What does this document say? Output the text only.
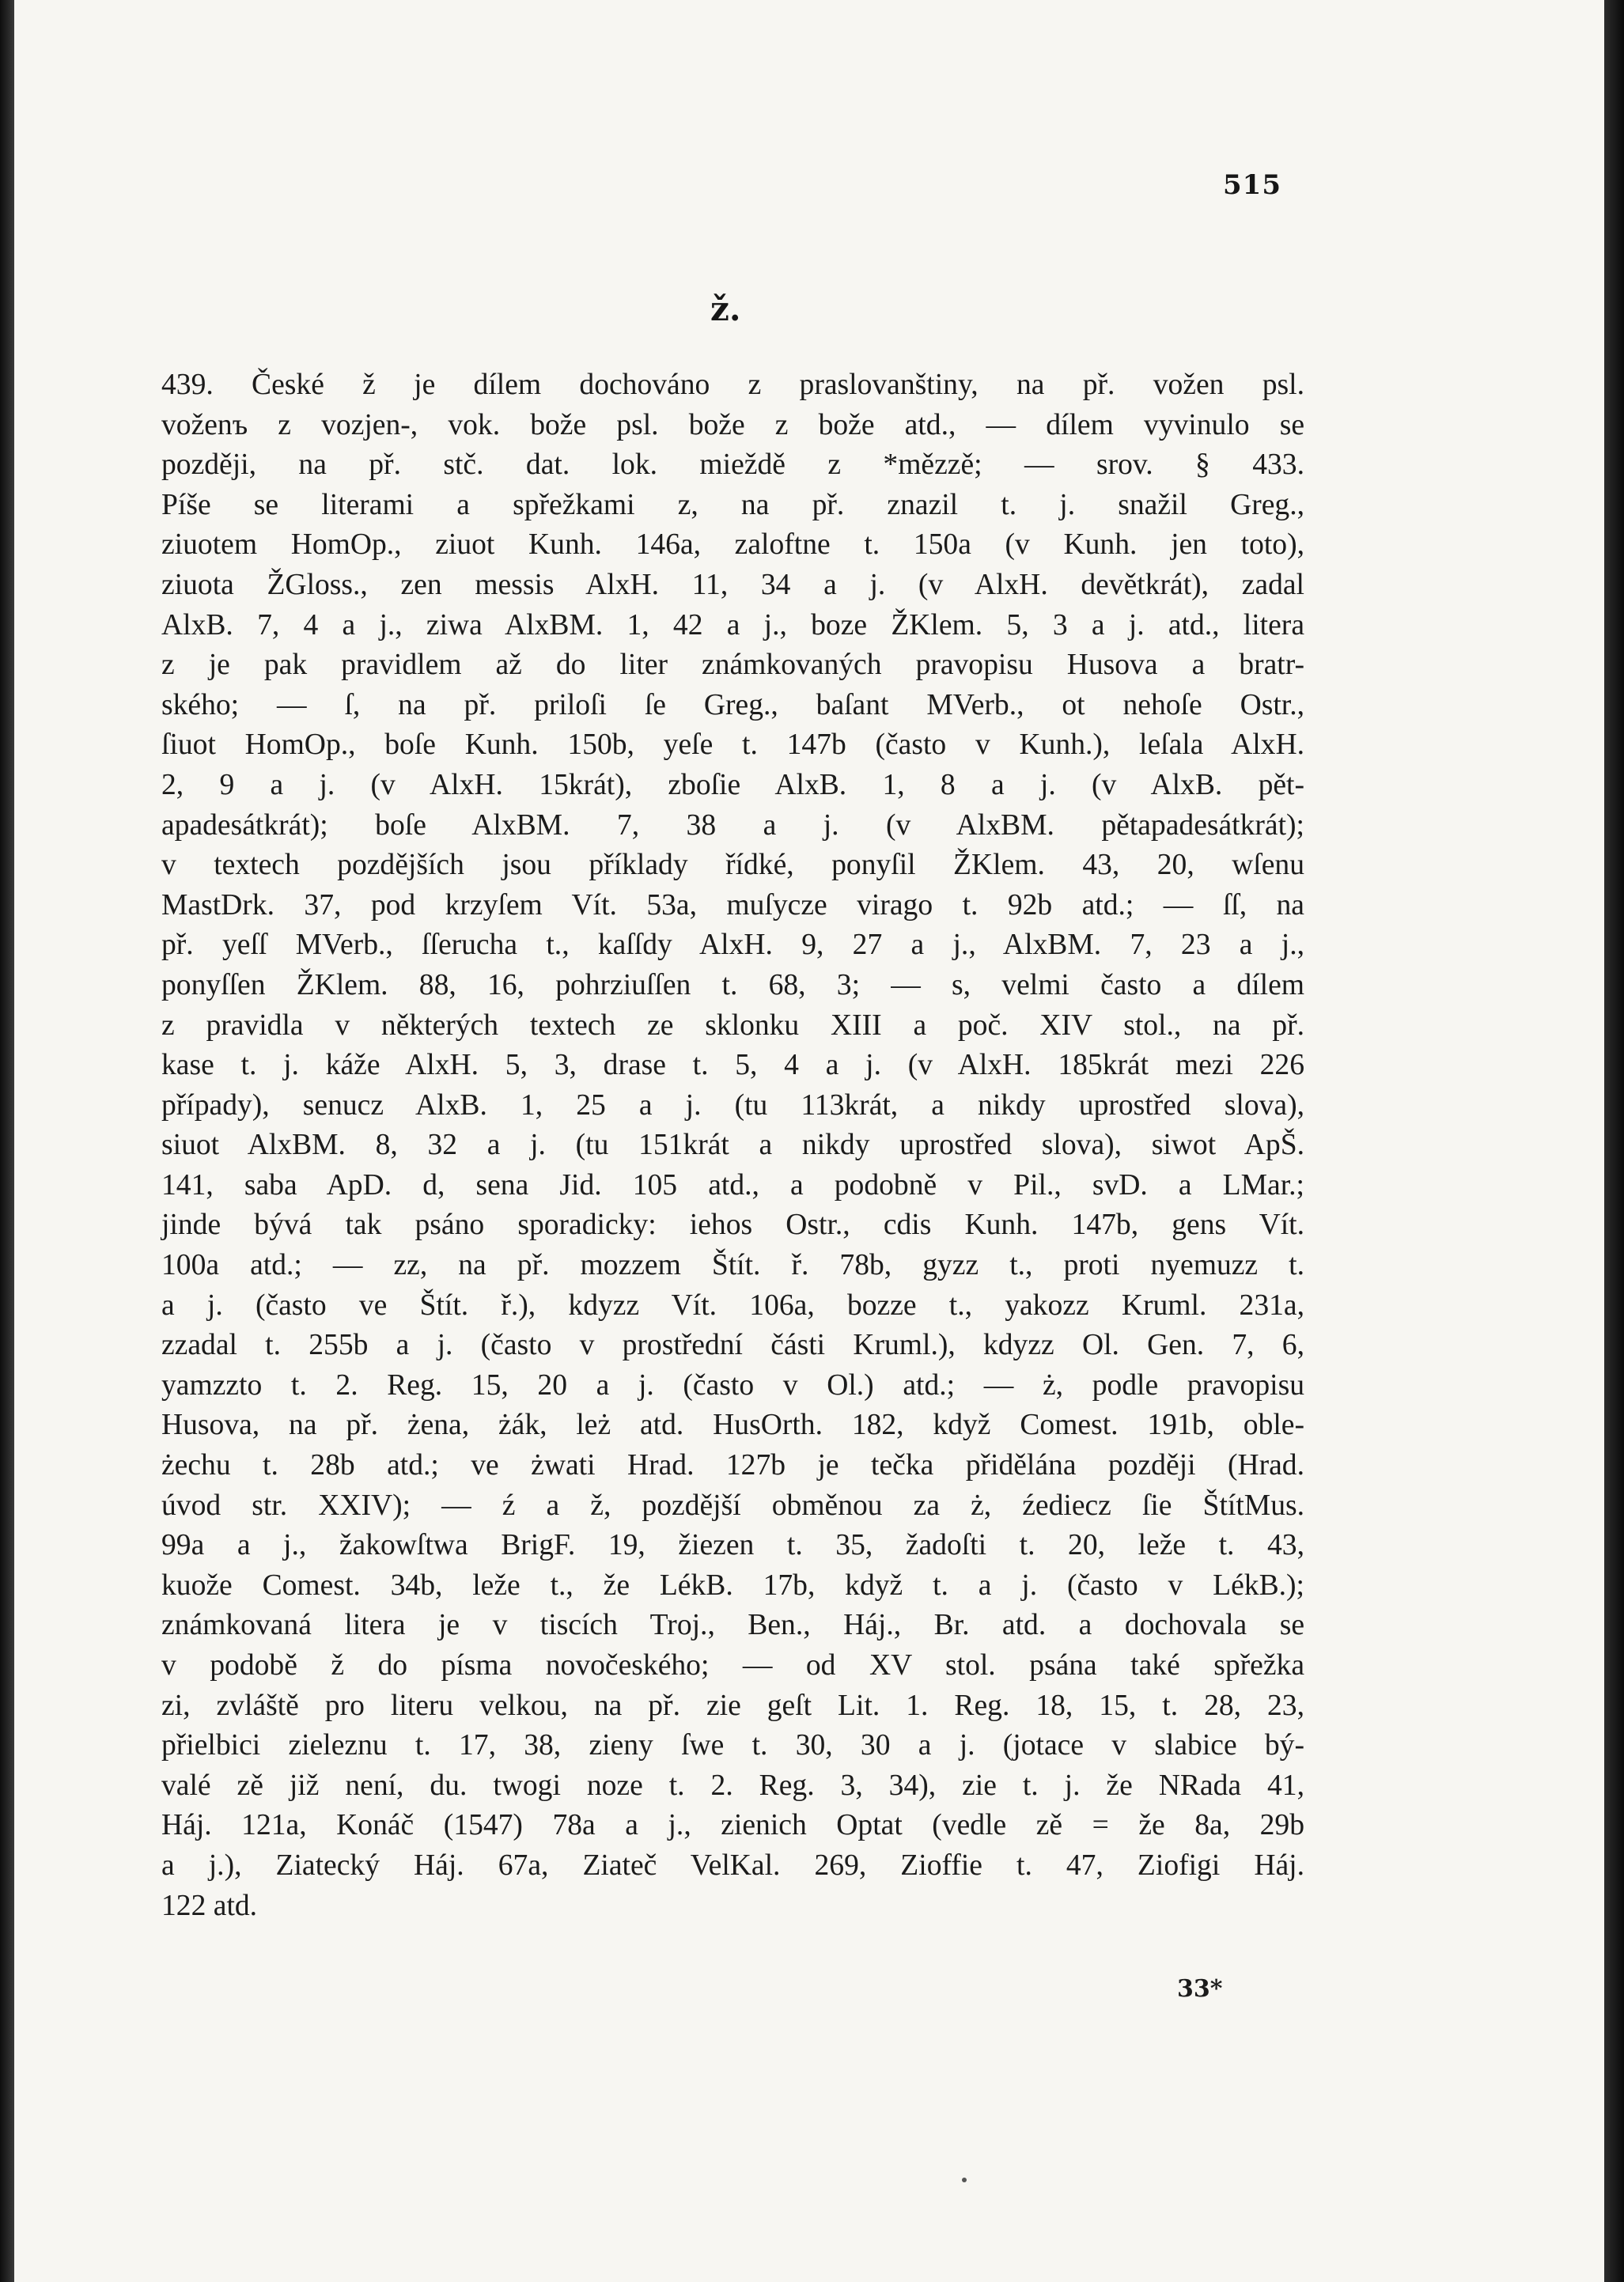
515
ž.
439. České ž je dílem dochováno z praslovanštiny, na př. vožen psl.
voženъ z vozjen-, vok. bože psl. bože z bože atd., — dílem vyvinulo se
později, na př. stč. dat. lok. mieždě z *mězzě; — srov. § 433.
Píše se literami a spřežkami z, na př. znazil t. j. snažil Greg.,
ziuotem HomOp., ziuot Kunh. 146a, zaloftne t. 150a (v Kunh. jen toto),
ziuota ŽGloss., zen messis AlxH. 11, 34 a j. (v AlxH. devětkrát), zadal
AlxB. 7, 4 a j., ziwa AlxBM. 1, 42 a j., boze ŽKlem. 5, 3 a j. atd., litera
z je pak pravidlem až do liter známkovaných pravopisu Husova a bratr-
ského; — ſ, na př. priloſi ſe Greg., baſant MVerb., ot nehoſe Ostr.,
ſiuot HomOp., boſe Kunh. 150b, yeſe t. 147b (často v Kunh.), leſala AlxH.
2, 9 a j. (v AlxH. 15krát), zboſie AlxB. 1, 8 a j. (v AlxB. pět-
apadesátkrát); boſe AlxBM. 7, 38 a j. (v AlxBM. pětapadesátkrát);
v textech pozdějších jsou příklady řídké, ponyſil ŽKlem. 43, 20, wſenu
MastDrk. 37, pod krzyſem Vít. 53a, muſycze virago t. 92b atd.; — ſſ, na
př. yeſſ MVerb., ſſerucha t., kaſſdy AlxH. 9, 27 a j., AlxBM. 7, 23 a j.,
ponyſſen ŽKlem. 88, 16, pohrziuſſen t. 68, 3; — s, velmi často a dílem
z pravidla v některých textech ze sklonku XIII a poč. XIV stol., na př.
kase t. j. káže AlxH. 5, 3, drase t. 5, 4 a j. (v AlxH. 185krát mezi 226
případy), senucz AlxB. 1, 25 a j. (tu 113krát, a nikdy uprostřed slova),
siuot AlxBM. 8, 32 a j. (tu 151krát a nikdy uprostřed slova), siwot ApŠ.
141, saba ApD. d, sena Jid. 105 atd., a podobně v Pil., svD. a LMar.;
jinde bývá tak psáno sporadicky: iehos Ostr., cdis Kunh. 147b, gens Vít.
100a atd.; — zz, na př. mozzem Štít. ř. 78b, gyzz t., proti nyemuzz t.
a j. (často ve Štít. ř.), kdyzz Vít. 106a, bozze t., yakozz Kruml. 231a,
zzadal t. 255b a j. (často v prostřední části Kruml.), kdyzz Ol. Gen. 7, 6,
yamzzto t. 2. Reg. 15, 20 a j. (často v Ol.) atd.; — ż, podle pravopisu
Husova, na př. żena, żák, leż atd. HusOrth. 182, když Comest. 191b, oble-
żechu t. 28b atd.; ve żwati Hrad. 127b je tečka přidělána později (Hrad.
úvod str. XXIV); — ź a ž, pozdější obměnou za ż, źediecz ſie ŠtítMus.
99a a j., žakowſtwa BrigF. 19, žiezen t. 35, žadoſti t. 20, leže t. 43,
kuože Comest. 34b, leže t., že LékB. 17b, když t. a j. (často v LékB.);
známkovaná litera je v tiscích Troj., Ben., Háj., Br. atd. a dochovala se
v podobě ž do písma novočeského; — od XV stol. psána také spřežka
zi, zvláště pro literu velkou, na př. zie geſt Lit. 1. Reg. 18, 15, t. 28, 23,
přielbici zieleznu t. 17, 38, zieny ſwe t. 30, 30 a j. (jotace v slabice bý-
valé zě již není, du. twogi noze t. 2. Reg. 3, 34), zie t. j. že NRada 41,
Háj. 121a, Konáč (1547) 78a a j., zienich Optat (vedle zě = že 8a, 29b
a j.), Ziatecký Háj. 67a, Ziateč VelKal. 269, Zioffie t. 47, Ziofigi Háj.
122 atd.
33*
